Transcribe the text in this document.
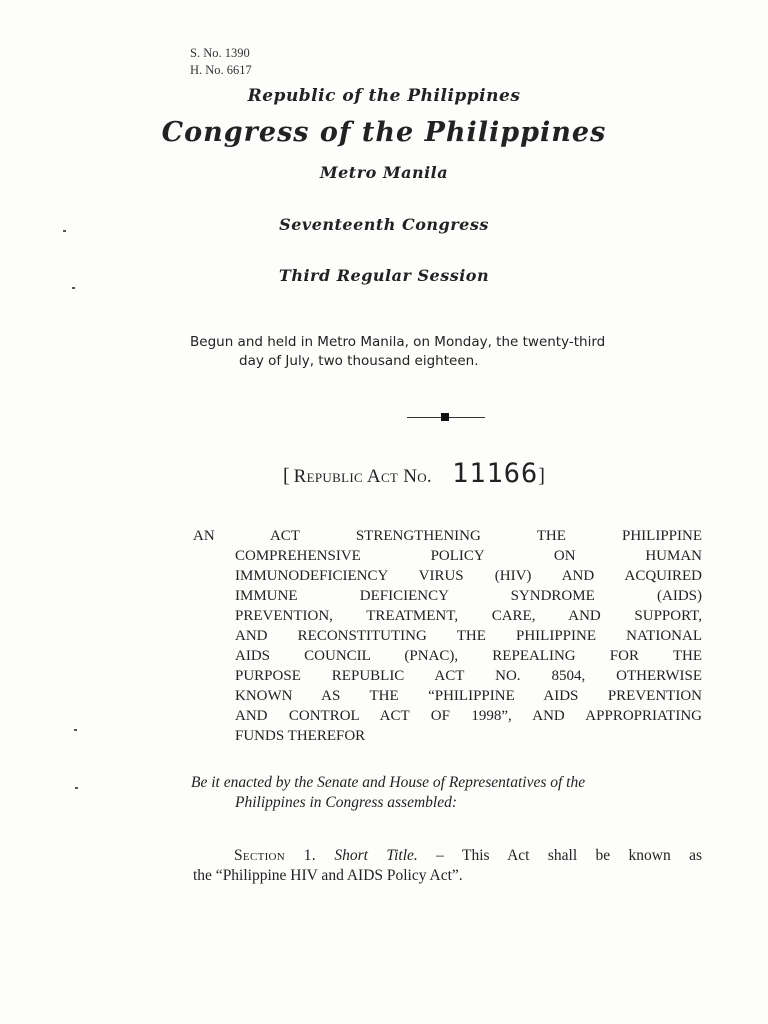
S. No. 1390
H. No. 6617
Republic of the Philippines
Congress of the Philippines
Metro Manila
Seventeenth Congress
Third Regular Session
Begun and held in Metro Manila, on Monday, the twenty-third
day of July, two thousand eighteen.
[ Republic Act No. 11166]
AN ACT STRENGTHENING THE PHILIPPINE
COMPREHENSIVE POLICY ON HUMAN
IMMUNODEFICIENCY VIRUS (HIV) AND ACQUIRED
IMMUNE DEFICIENCY SYNDROME (AIDS)
PREVENTION, TREATMENT, CARE, AND SUPPORT,
AND RECONSTITUTING THE PHILIPPINE NATIONAL
AIDS COUNCIL (PNAC), REPEALING FOR THE
PURPOSE REPUBLIC ACT NO. 8504, OTHERWISE
KNOWN AS THE “PHILIPPINE AIDS PREVENTION
AND CONTROL ACT OF 1998”, AND APPROPRIATING
FUNDS THEREFOR
Be it enacted by the Senate and House of Representatives of the
Philippines in Congress assembled:
Section 1. Short Title. – This Act shall be known as
the “Philippine HIV and AIDS Policy Act”.
